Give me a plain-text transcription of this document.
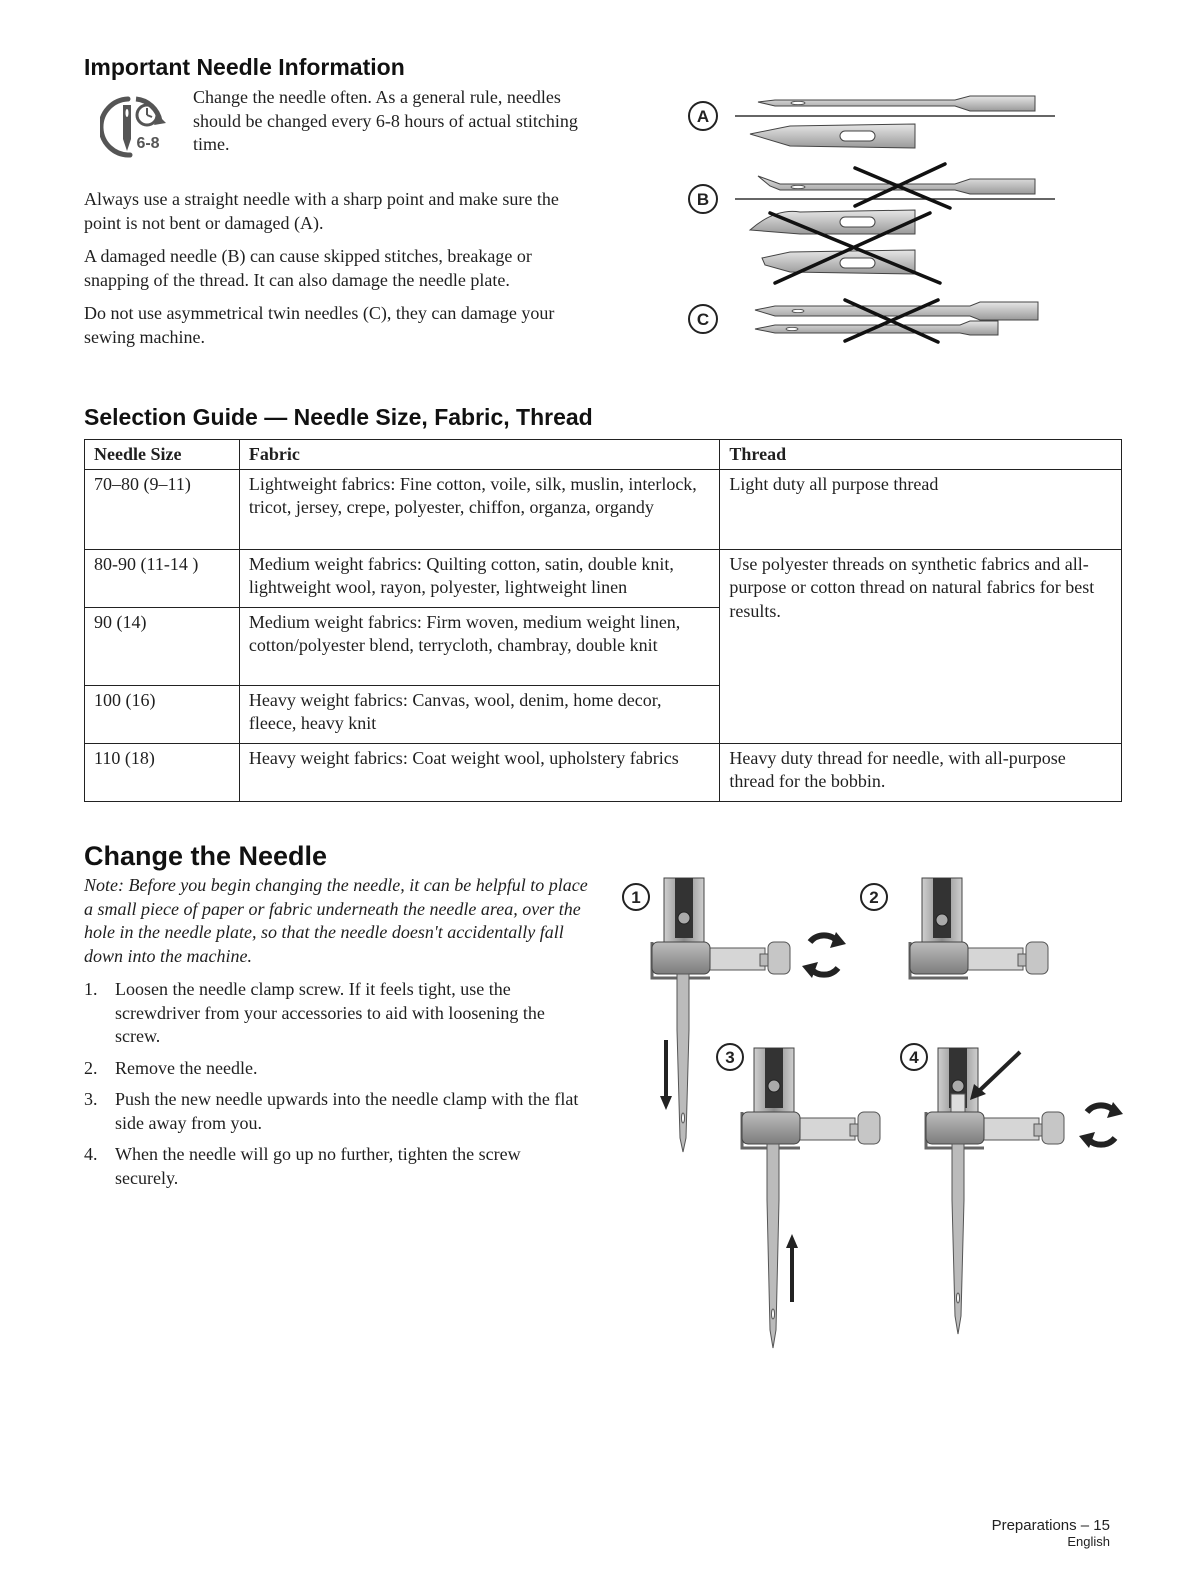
Important Needle Information
6-8

Change the needle often. As a general rule, needles should be changed every 6-8 hours of actual stitching time.

Always use a straight needle with a sharp point and make sure the point is not bent or damaged (A).

A damaged needle (B) can cause skipped stitches, breakage or snapping of the thread. It can also damage the needle plate.

Do not use asymmetrical twin needles (C), they can damage your sewing machine.

A
B
C
Selection Guide — Needle Size, Fabric, Thread
Needle Size	Fabric	Thread
70–80 (9–11)	Lightweight fabrics: Fine cotton, voile, silk, muslin, interlock, tricot, jersey, crepe, polyester, chiffon, organza, organdy	Light duty all purpose thread
80-90 (11-14 )	Medium weight fabrics: Quilting cotton, satin, double knit, lightweight wool, rayon, polyester, lightweight linen	Use polyester threads on synthetic fabrics and all-purpose or cotton thread on natural fabrics for best results.
90 (14)	Medium weight fabrics: Firm woven, medium weight linen, cotton/polyester blend, terrycloth, chambray, double knit	
100 (16)	Heavy weight fabrics: Canvas, wool, denim, home decor, fleece, heavy knit	
110 (18)	Heavy weight fabrics: Coat weight wool, upholstery fabrics	Heavy duty thread for needle, with all-purpose thread for the bobbin.
Change the Needle

Note: Before you begin changing the needle, it can be helpful to place a small piece of paper or fabric underneath the needle area, over the hole in the needle plate, so that the needle doesn't accidentally fall down into the machine.

1. Loosen the needle clamp screw. If it feels tight, use the screwdriver from your accessories to aid with loosening the screw.
2. Remove the needle.
3. Push the new needle upwards into the needle clamp with the flat side away from you.
4. When the needle will go up no further, tighten the screw securely.
1	2
3	4
Preparations – 15
English
